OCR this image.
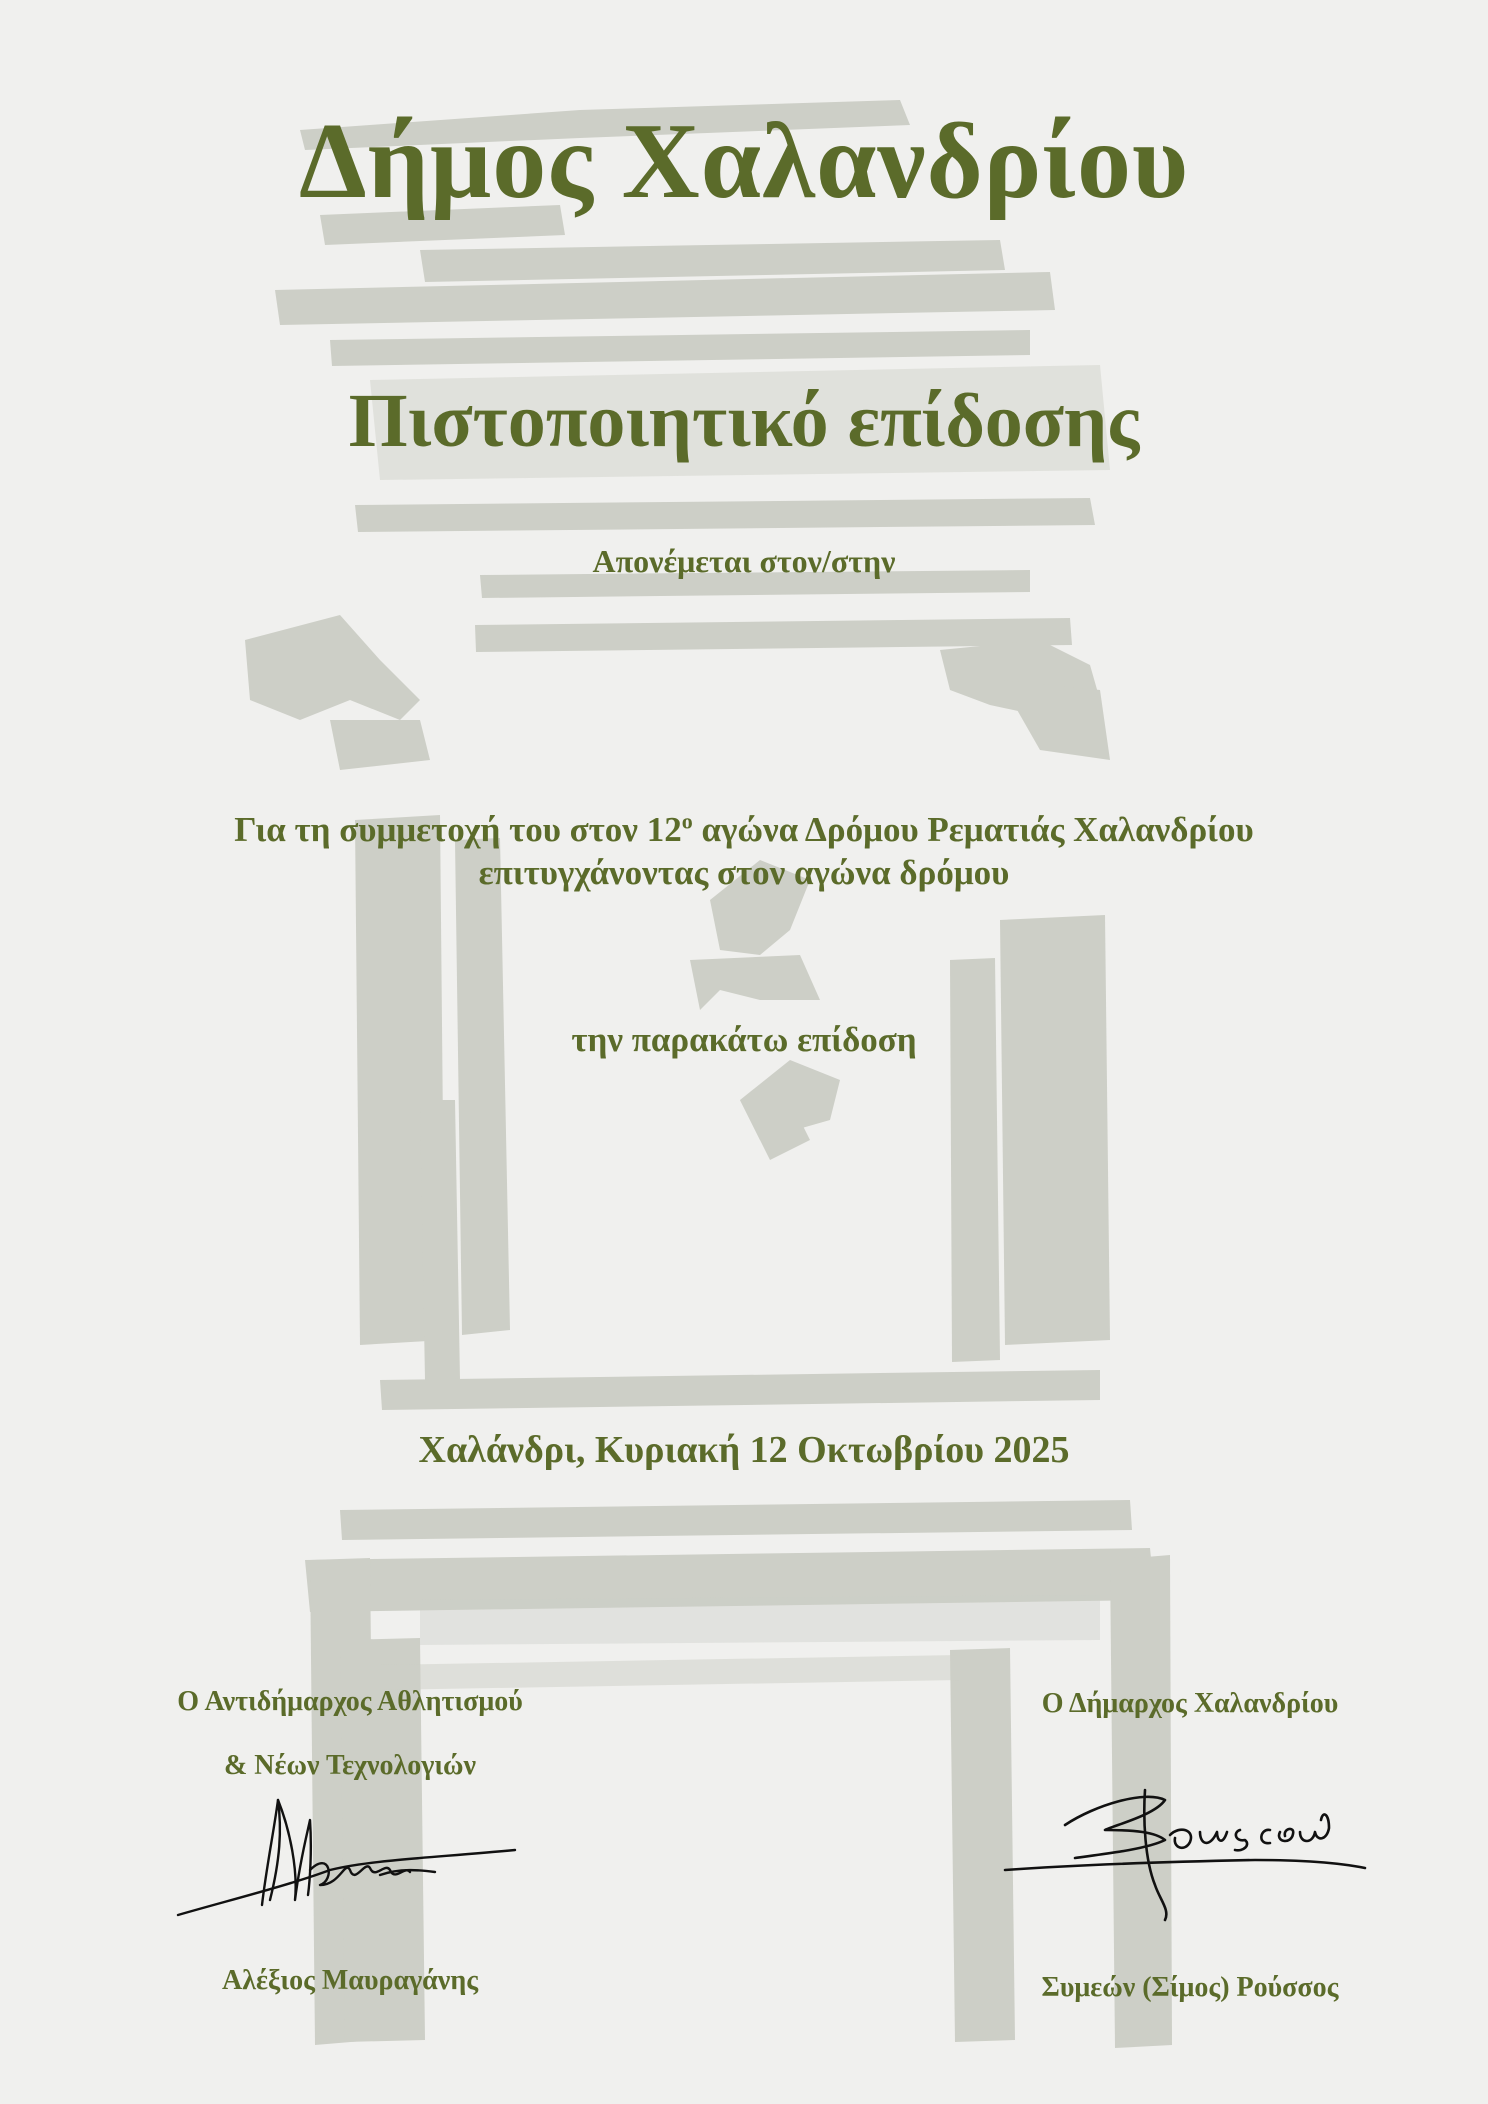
Δήμος Χαλανδρίου
Πιστοποιητικό επίδοσης
Απονέμεται στον/στην
Για τη συμμετοχή του στον $12^o$ αγώνα Δρόμου Ρεματιάς Χαλανδρίου
επιτυγχάνοντας στον αγώνα δρόμου
την παρακάτω επίδοση
Χαλάνδρι, Κυριακή 12 Οκτωβρίου 2025
Ο Αντιδήμαρχος Αθλητισμού
& Νέων Τεχνολογιών
Αλέξιος Μαυραγάνης
Ο Δήμαρχος Χαλανδρίου
Συμεών (Σίμος) Ρούσσος
